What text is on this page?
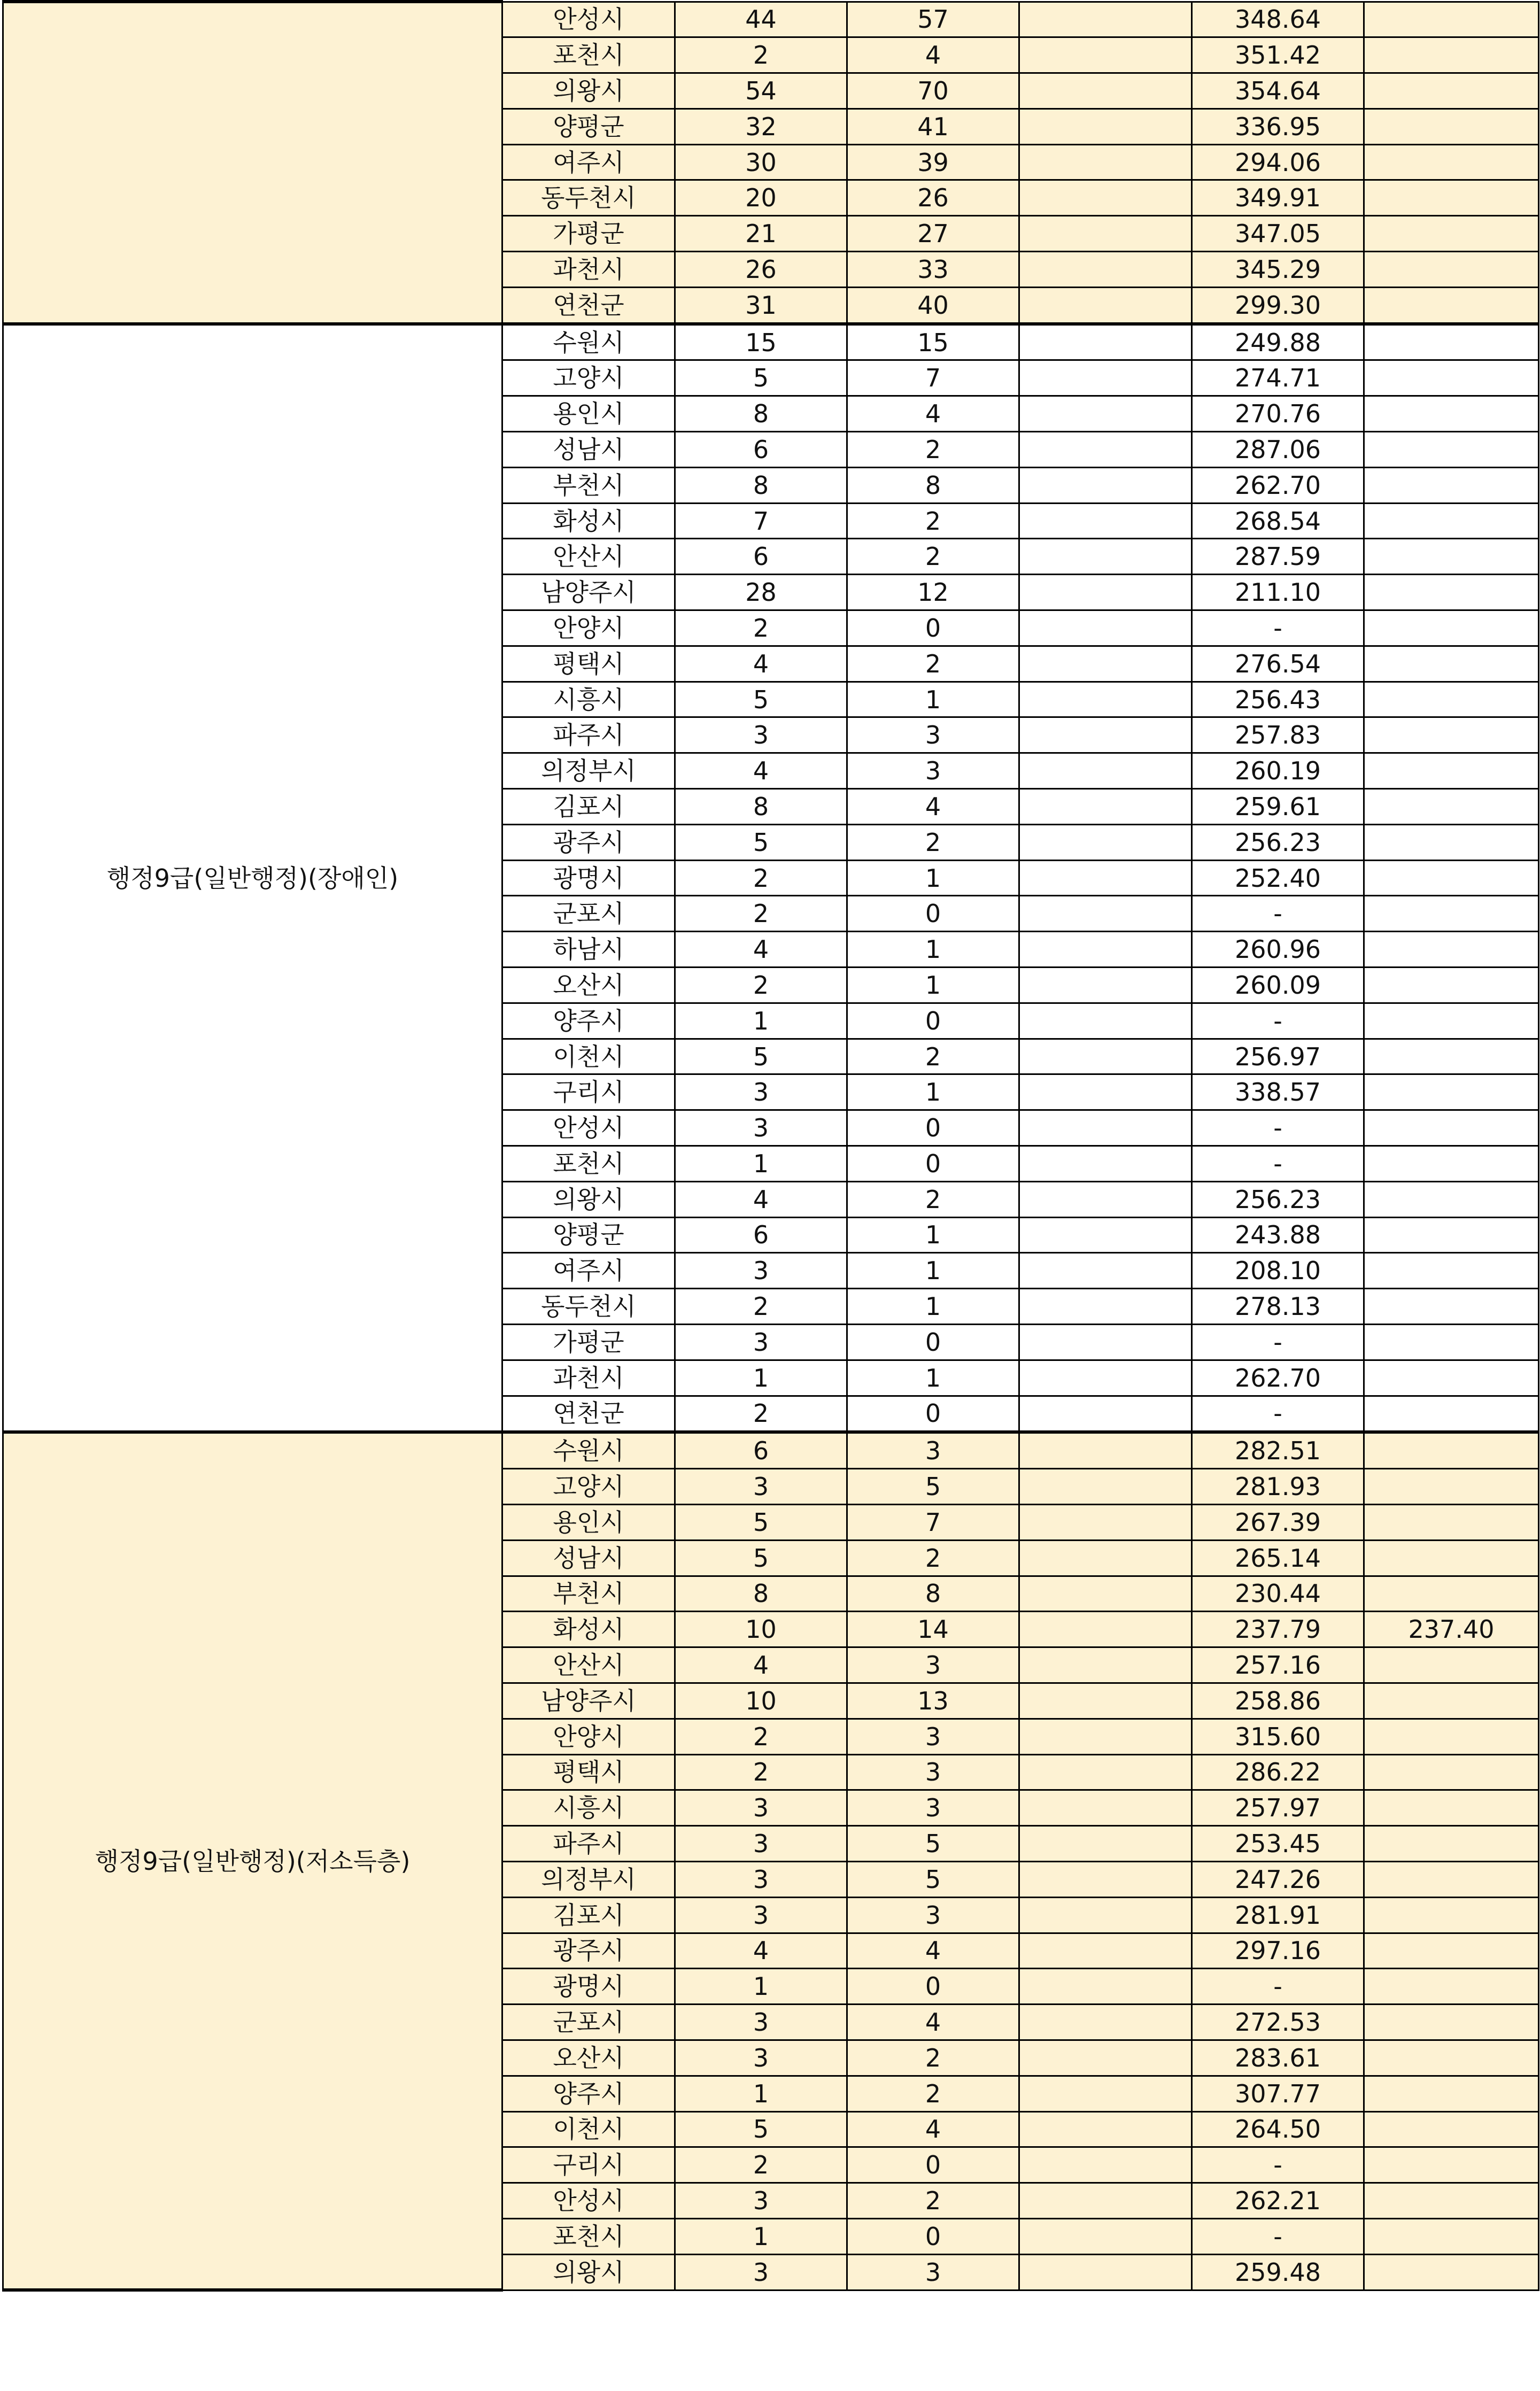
	안성시	44	57		348.64	
	포천시	2	4		351.42	
	의왕시	54	70		354.64	
	양평군	32	41		336.95	
	여주시	30	39		294.06	
	동두천시	20	26		349.91	
	가평군	21	27		347.05	
	과천시	26	33		345.29	
	연천군	31	40		299.30	
행정9급(일반행정)(장애인)	수원시	15	15		249.88	
	고양시	5	7		274.71	
	용인시	8	4		270.76	
	성남시	6	2		287.06	
	부천시	8	8		262.70	
	화성시	7	2		268.54	
	안산시	6	2		287.59	
	남양주시	28	12		211.10	
	안양시	2	0		-	
	평택시	4	2		276.54	
	시흥시	5	1		256.43	
	파주시	3	3		257.83	
	의정부시	4	3		260.19	
	김포시	8	4		259.61	
	광주시	5	2		256.23	
	광명시	2	1		252.40	
	군포시	2	0		-	
	하남시	4	1		260.96	
	오산시	2	1		260.09	
	양주시	1	0		-	
	이천시	5	2		256.97	
	구리시	3	1		338.57	
	안성시	3	0		-	
	포천시	1	0		-	
	의왕시	4	2		256.23	
	양평군	6	1		243.88	
	여주시	3	1		208.10	
	동두천시	2	1		278.13	
	가평군	3	0		-	
	과천시	1	1		262.70	
	연천군	2	0		-	
행정9급(일반행정)(저소득층)	수원시	6	3		282.51	
	고양시	3	5		281.93	
	용인시	5	7		267.39	
	성남시	5	2		265.14	
	부천시	8	8		230.44	
	화성시	10	14		237.79	237.40
	안산시	4	3		257.16	
	남양주시	10	13		258.86	
	안양시	2	3		315.60	
	평택시	2	3		286.22	
	시흥시	3	3		257.97	
	파주시	3	5		253.45	
	의정부시	3	5		247.26	
	김포시	3	3		281.91	
	광주시	4	4		297.16	
	광명시	1	0		-	
	군포시	3	4		272.53	
	오산시	3	2		283.61	
	양주시	1	2		307.77	
	이천시	5	4		264.50	
	구리시	2	0		-	
	안성시	3	2		262.21	
	포천시	1	0		-	
	의왕시	3	3		259.48	
